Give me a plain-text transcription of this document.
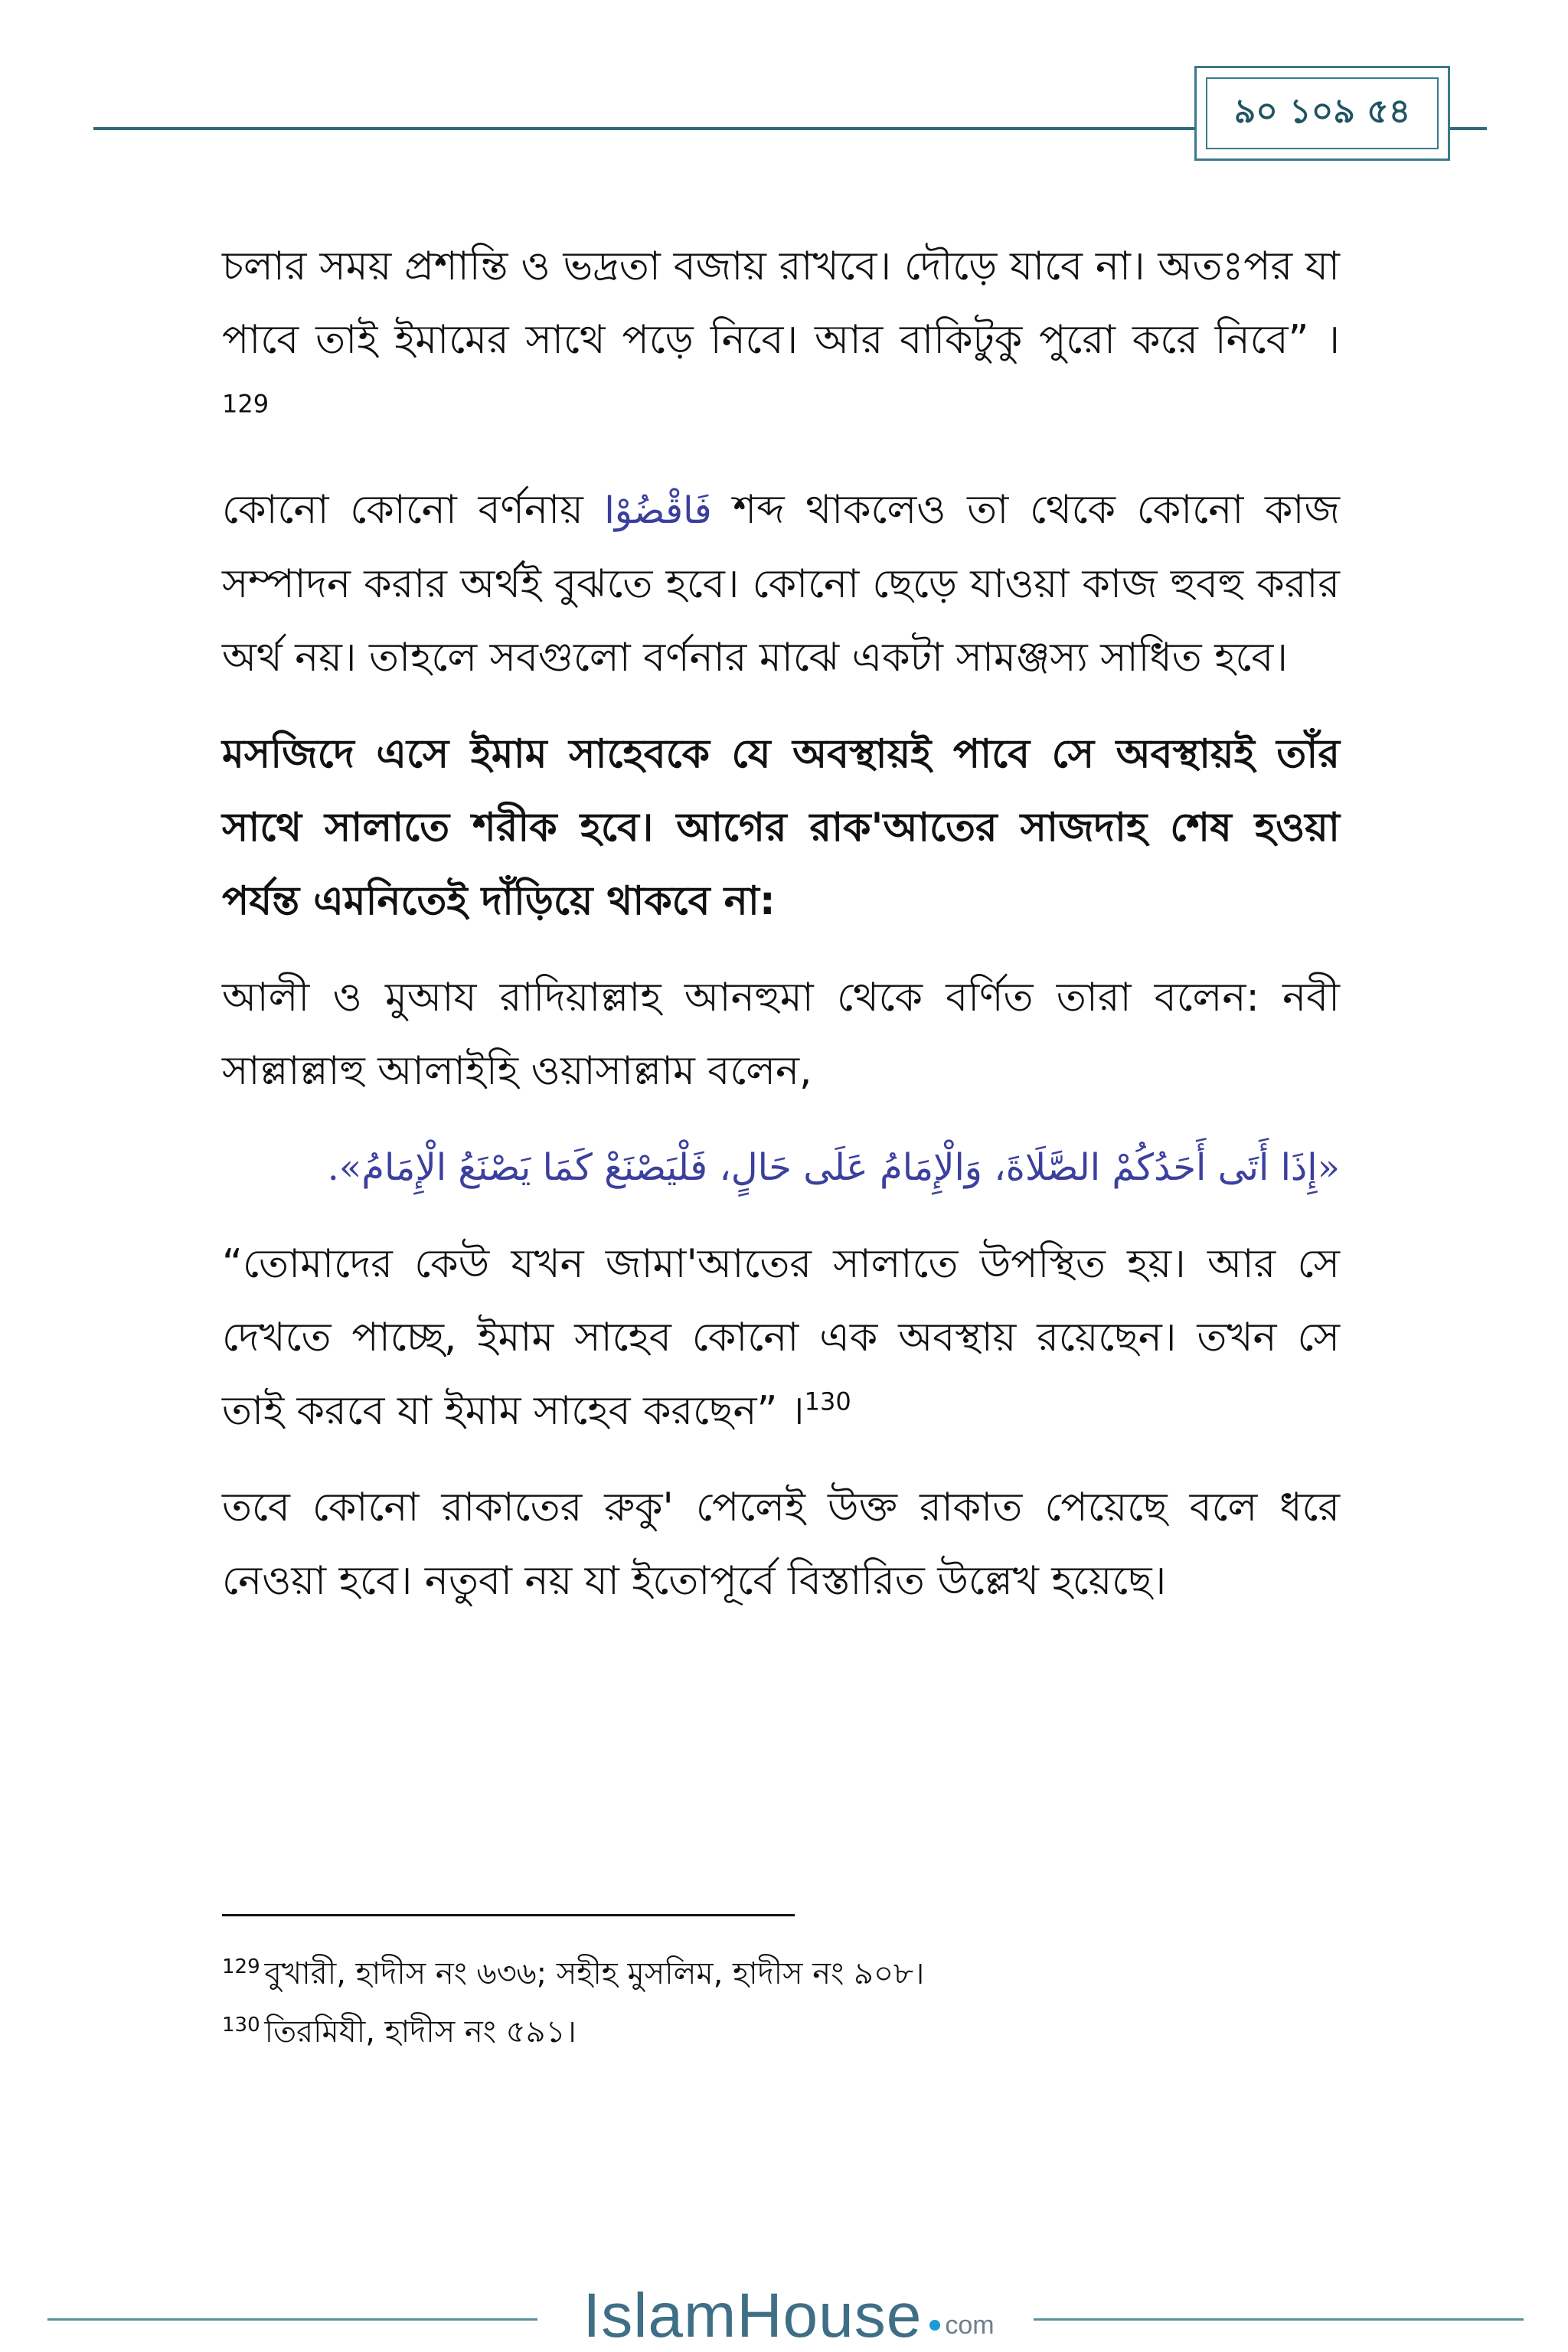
৯০ ১০৯ ৫৪

চলার সময় প্রশান্তি ও ভদ্রতা বজায় রাখবে। দৌড়ে যাবে না। অতঃপর যা পাবে তাই ইমামের সাথে পড়ে নিবে। আর বাকিটুকু পুরো করে নিবে” ।$^{129}$

কোনো কোনো বর্ণনায় فَاقْضُوْا শব্দ থাকলেও তা থেকে কোনো কাজ সম্পাদন করার অর্থই বুঝতে হবে। কোনো ছেড়ে যাওয়া কাজ হুবহু করার অর্থ নয়। তাহলে সবগুলো বর্ণনার মাঝে একটা সামঞ্জস্য সাধিত হবে।

মসজিদে এসে ইমাম সাহেবকে যে অবস্থায়ই পাবে সে অবস্থায়ই তাঁর সাথে সালাতে শরীক হবে। আগের রাক'আতের সাজদাহ শেষ হওয়া পর্যন্ত এমনিতেই দাঁড়িয়ে থাকবে না:

আলী ও মুআয রাদিয়াল্লাহ আনহুমা থেকে বর্ণিত তারা বলেন: নবী সাল্লাল্লাহু আলাইহি ওয়াসাল্লাম বলেন,

«إِذَا أَتَى أَحَدُكُمْ الصَّلَاةَ، وَالْإِمَامُ عَلَى حَالٍ، فَلْيَصْنَعْ كَمَا يَصْنَعُ الْإِمَامُ».

“তোমাদের কেউ যখন জামা'আতের সালাতে উপস্থিত হয়। আর সে দেখতে পাচ্ছে, ইমাম সাহেব কোনো এক অবস্থায় রয়েছেন। তখন সে তাই করবে যা ইমাম সাহেব করছেন” ।$^{130}$

তবে কোনো রাকাতের রুকু' পেলেই উক্ত রাকাত পেয়েছে বলে ধরে নেওয়া হবে। নতুবা নয় যা ইতোপূর্বে বিস্তারিত উল্লেখ হয়েছে।

$^{129}$ বুখারী, হাদীস নং ৬৩৬; সহীহ মুসলিম, হাদীস নং ৯০৮।

$^{130}$ তিরমিযী, হাদীস নং ৫৯১।

IslamHouse com
